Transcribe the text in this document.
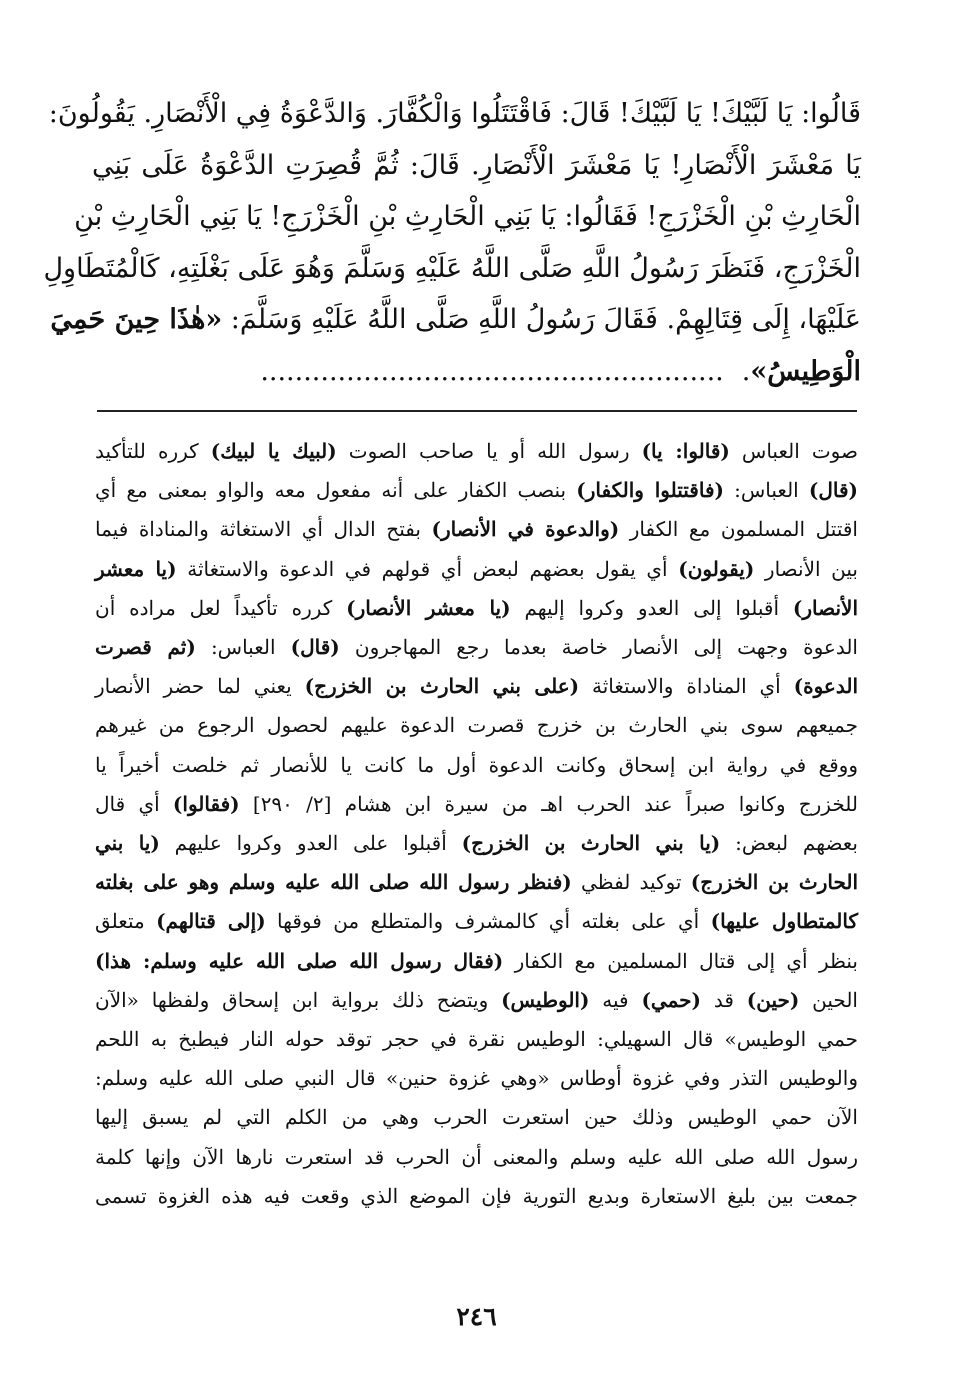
قَالُوا: يَا لَبَّيْكَ! يَا لَبَّيْكَ! قَالَ: فَاقْتَتَلُوا وَالْكُفَّارَ. وَالدَّعْوَةُ فِي الْأَنْصَارِ. يَقُولُونَ:
يَا مَعْشَرَ الْأَنْصَارِ! يَا مَعْشَرَ الْأَنْصَارِ. قَالَ: ثُمَّ قُصِرَتِ الدَّعْوَةُ عَلَى بَنِي
الْحَارِثِ بْنِ الْخَزْرَجِ! فَقَالُوا: يَا بَنِي الْحَارِثِ بْنِ الْخَزْرَجِ! يَا بَنِي الْحَارِثِ بْنِ
الْخَزْرَجِ، فَنَظَرَ رَسُولُ اللَّهِ صَلَّى اللَّهُ عَلَيْهِ وَسَلَّمَ وَهُوَ عَلَى بَغْلَتِهِ، كَالْمُتَطَاوِلِ
عَلَيْهَا، إِلَى قِتَالِهِمْ. فَقَالَ رَسُولُ اللَّهِ صَلَّى اللَّهُ عَلَيْهِ وَسَلَّمَ: «هٰذَا حِينَ حَمِيَ
الْوَطِيسُ».......................................................
صوت العباس (قالوا: يا) رسول الله أو يا صاحب الصوت (لبيك يا لبيك) كرره للتأكيد
(قال) العباس: (فاقتتلوا والكفار) بنصب الكفار على أنه مفعول معه والواو بمعنى مع أي
اقتتل المسلمون مع الكفار (والدعوة في الأنصار) بفتح الدال أي الاستغاثة والمناداة فيما
بين الأنصار (يقولون) أي يقول بعضهم لبعض أي قولهم في الدعوة والاستغاثة (يا معشر
الأنصار) أقبلوا إلى العدو وكروا إليهم (يا معشر الأنصار) كرره تأكيداً لعل مراده أن
الدعوة وجهت إلى الأنصار خاصة بعدما رجع المهاجرون (قال) العباس: (ثم قصرت
الدعوة) أي المناداة والاستغاثة (على بني الحارث بن الخزرج) يعني لما حضر الأنصار
جميعهم سوى بني الحارث بن خزرج قصرت الدعوة عليهم لحصول الرجوع من غيرهم
ووقع في رواية ابن إسحاق وكانت الدعوة أول ما كانت يا للأنصار ثم خلصت أخيراً يا
للخزرج وكانوا صبراً عند الحرب اهـ من سيرة ابن هشام [٢/ ٢٩٠] (فقالوا) أي قال
بعضهم لبعض: (يا بني الحارث بن الخزرج) أقبلوا على العدو وكروا عليهم (يا بني
الحارث بن الخزرج) توكيد لفظي (فنظر رسول الله صلى الله عليه وسلم وهو على بغلته
كالمتطاول عليها) أي على بغلته أي كالمشرف والمتطلع من فوقها (إلى قتالهم) متعلق
بنظر أي إلى قتال المسلمين مع الكفار (فقال رسول الله صلى الله عليه وسلم: هذا)
الحين (حين) قد (حمي) فيه (الوطيس) ويتضح ذلك برواية ابن إسحاق ولفظها «الآن
حمي الوطيس» قال السهيلي: الوطيس نقرة في حجر توقد حوله النار فيطبخ به اللحم
والوطيس التذر وفي غزوة أوطاس «وهي غزوة حنين» قال النبي صلى الله عليه وسلم:
الآن حمي الوطيس وذلك حين استعرت الحرب وهي من الكلم التي لم يسبق إليها
رسول الله صلى الله عليه وسلم والمعنى أن الحرب قد استعرت نارها الآن وإنها كلمة
جمعت بين بليغ الاستعارة وبديع التورية فإن الموضع الذي وقعت فيه هذه الغزوة تسمى
٢٤٦
